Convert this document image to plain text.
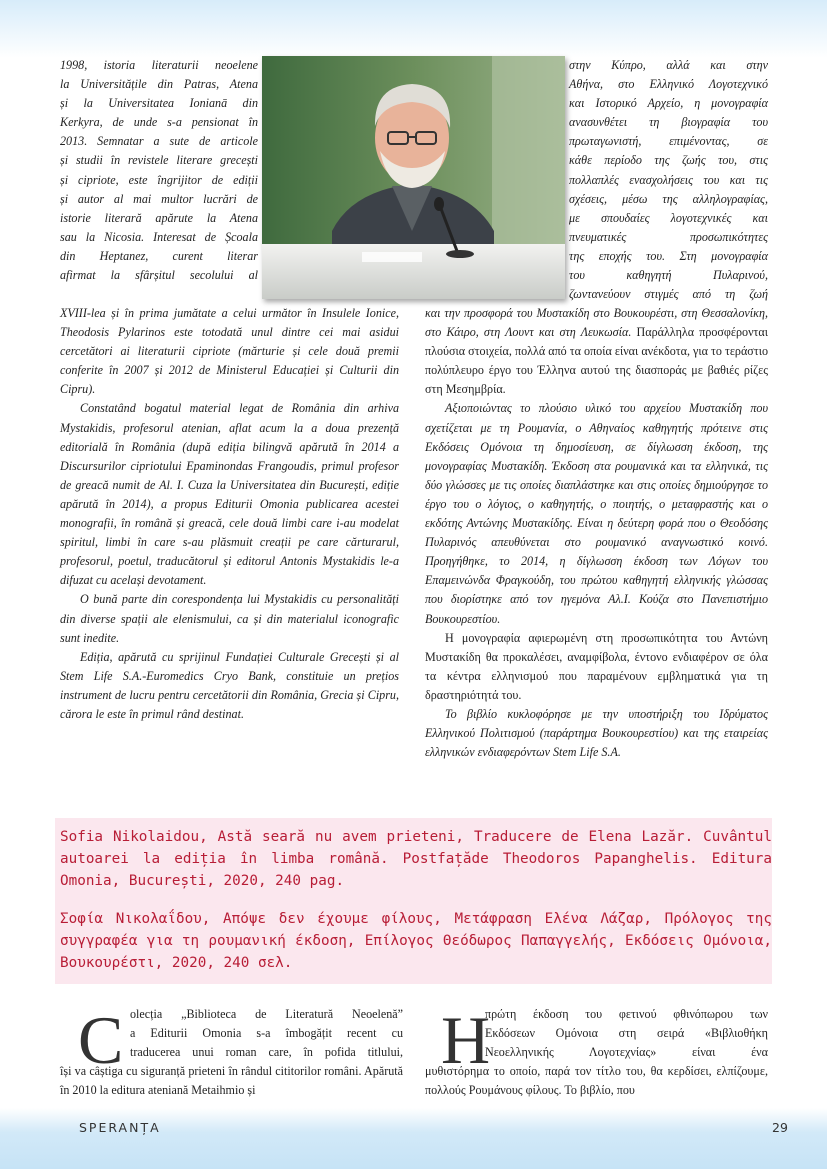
1998, istoria literaturii neoelene
la Universitățile din Patras, Atena
și la Universitatea Ionianā din
Kerkyra, de unde s-a pensionat în
2013. Semnatar a sute de articole
și studii în revistele literare grecești
și cipriote, este îngrijitor de ediții
și autor al mai multor lucrări de
istorie literară apărute la Atena
sau la Nicosia. Interesat de Școala
din Heptanez, curent literar
afirmat la sfârșitul secolului al
στην Κύπρο, αλλά και στην
Αθήνα, στο Ελληνικό Λογοτεχνικό
και Ιστορικό Αρχείο, η μονογραφία
ανασυνθέτει τη βιογραφία του
πρωταγωνιστή, επιμένοντας, σε
κάθε περίοδο της ζωής του, στις
πολλαπλές ενασχολήσεις του και τις
σχέσεις, μέσω της αλληλογραφίας,
με σπουδαίες λογοτεχνικές και
πνευματικές προσωπικότητες
της εποχής του. Στη μονογραφία
του καθηγητή Πυλαρινού,
ζωντανεύουν στιγμές από τη ζωή

XVIII-lea și în prima jumătate a celui următor în Insulele Ionice, Theodosis Pylarinos este totodată unul dintre cei mai asidui cercetători ai literaturii cipriote (mărturie și cele două premii conferite în 2007 și 2012 de Ministerul Educației și Culturii din Cipru).

Constatând bogatul material legat de România din arhiva Mystakidis, profesorul atenian, aflat acum la a doua prezență editorială în România (după ediția bilingvă apărută în 2014 a Discursurilor cipriotului Epaminondas Frangoudis, primul profesor de greacă numit de Al. I. Cuza la Universitatea din București, ediție apărută în 2014), a propus Editurii Omonia publicarea acestei monografii, în română și greacă, cele două limbi care i-au modelat spiritul, limbi în care s-au plăsmuit creații pe care cărturarul, profesorul, poetul, traducătorul și editorul Antonis Mystakidis le-a difuzat cu același devotament.

O bună parte din corespondența lui Mystakidis cu personalități din diverse spații ale elenismului, ca și din materialul iconografic sunt inedite.

Ediția, apărută cu sprijinul Fundației Culturale Grecești și al Stem Life S.A.-Euromedics Cryo Bank, constituie un prețios instrument de lucru pentru cercetătorii din România, Grecia și Cipru, cărora le este în primul rând destinat.

και την προσφορά του Μυστακίδη στο Βουκουρέστι, στη Θεσσαλονίκη, στο Κάιρο, στη Λουντ και στη Λευκωσία. Παράλληλα προσφέρονται πλούσια στοιχεία, πολλά από τα οποία είναι ανέκδοτα, για το τεράστιο πολύπλευρο έργο του Έλληνα αυτού της διασποράς με βαθιές ρίζες στη Μεσημβρία.

Αξιοποιώντας το πλούσιο υλικό του αρχείου Μυστακίδη που σχετίζεται με τη Ρουμανία, ο Αθηναίος καθηγητής πρότεινε στις Εκδόσεις Ομόνοια τη δημοσίευση, σε δίγλωσση έκδοση, της μονογραφίας Μυστακίδη. Έκδοση στα ρουμανικά και τα ελληνικά, τις δύο γλώσσες με τις οποίες διαπλάστηκε και στις οποίες δημιούργησε το έργο του ο λόγιος, ο καθηγητής, ο ποιητής, ο μεταφραστής και ο εκδότης Αντώνης Μυστακίδης. Είναι η δεύτερη φορά που ο Θεοδόσης Πυλαρινός απευθύνεται στο ρουμανικό αναγνωστικό κοινό. Προηγήθηκε, το 2014, η δίγλωσση έκδοση των Λόγων του Επαμεινώνδα Φραγκούδη, του πρώτου καθηγητή ελληνικής γλώσσας που διορίστηκε από τον ηγεμόνα Αλ.Ι. Κούζα στο Πανεπιστήμιο Βουκουρεστίου.

Η μονογραφία αφιερωμένη στη προσωπικότητα του Αντώνη Μυστακίδη θα προκαλέσει, αναμφίβολα, έντονο ενδιαφέρον σε όλα τα κέντρα ελληνισμού που παραμένουν εμβληματικά για τη δραστηριότητά του.

Το βιβλίο κυκλοφόρησε με την υποστήριξη του Ιδρύματος Ελληνικού Πολιτισμού (παράρτημα Βουκουρεστίου) και της εταιρείας ελληνικών ενδιαφερόντων Stem Life S.A.

Sofia Nikolaidou, Astă seară nu avem prieteni, Traducere de Elena Lazăr. Cuvântul autoarei la ediția în limba română. Postfațăde Theodoros Papanghelis. Editura Omonia, București, 2020, 240 pag.

Σοφία Νικολαΐδου, Απόψε δεν έχουμε φίλους, Μετάφραση Ελένα Λάζαρ, Πρόλογος της συγγραφέα για τη ρουμανική έκδοση, Επίλογος Θεόδωρος Παπαγγελής, Εκδόσεις Ομόνοια, Βουκουρέστι, 2020, 240 σελ.

C olecția „Biblioteca de Literatură Neoelenă”
a Editurii Omonia s-a îmbogățit recent cu
traducerea unui roman care, în pofida titlului,

își va câștiga cu siguranță prieteni în rândul cititorilor români. Apărută în 2010 la editura ateniană Metaihmio și

Η
πρώτη έκδοση του φετινού φθινόπωρου των
Εκδόσεων Ομόνοια στη σειρά «Βιβλιοθήκη
Νεοελληνικής Λογοτεχνίας» είναι ένα

μυθιστόρημα το οποίο, παρά τον τίτλο του, θα κερδίσει, ελπίζουμε, πολλούς Ρουμάνους φίλους. Το βιβλίο, που

SPERANȚA	29
